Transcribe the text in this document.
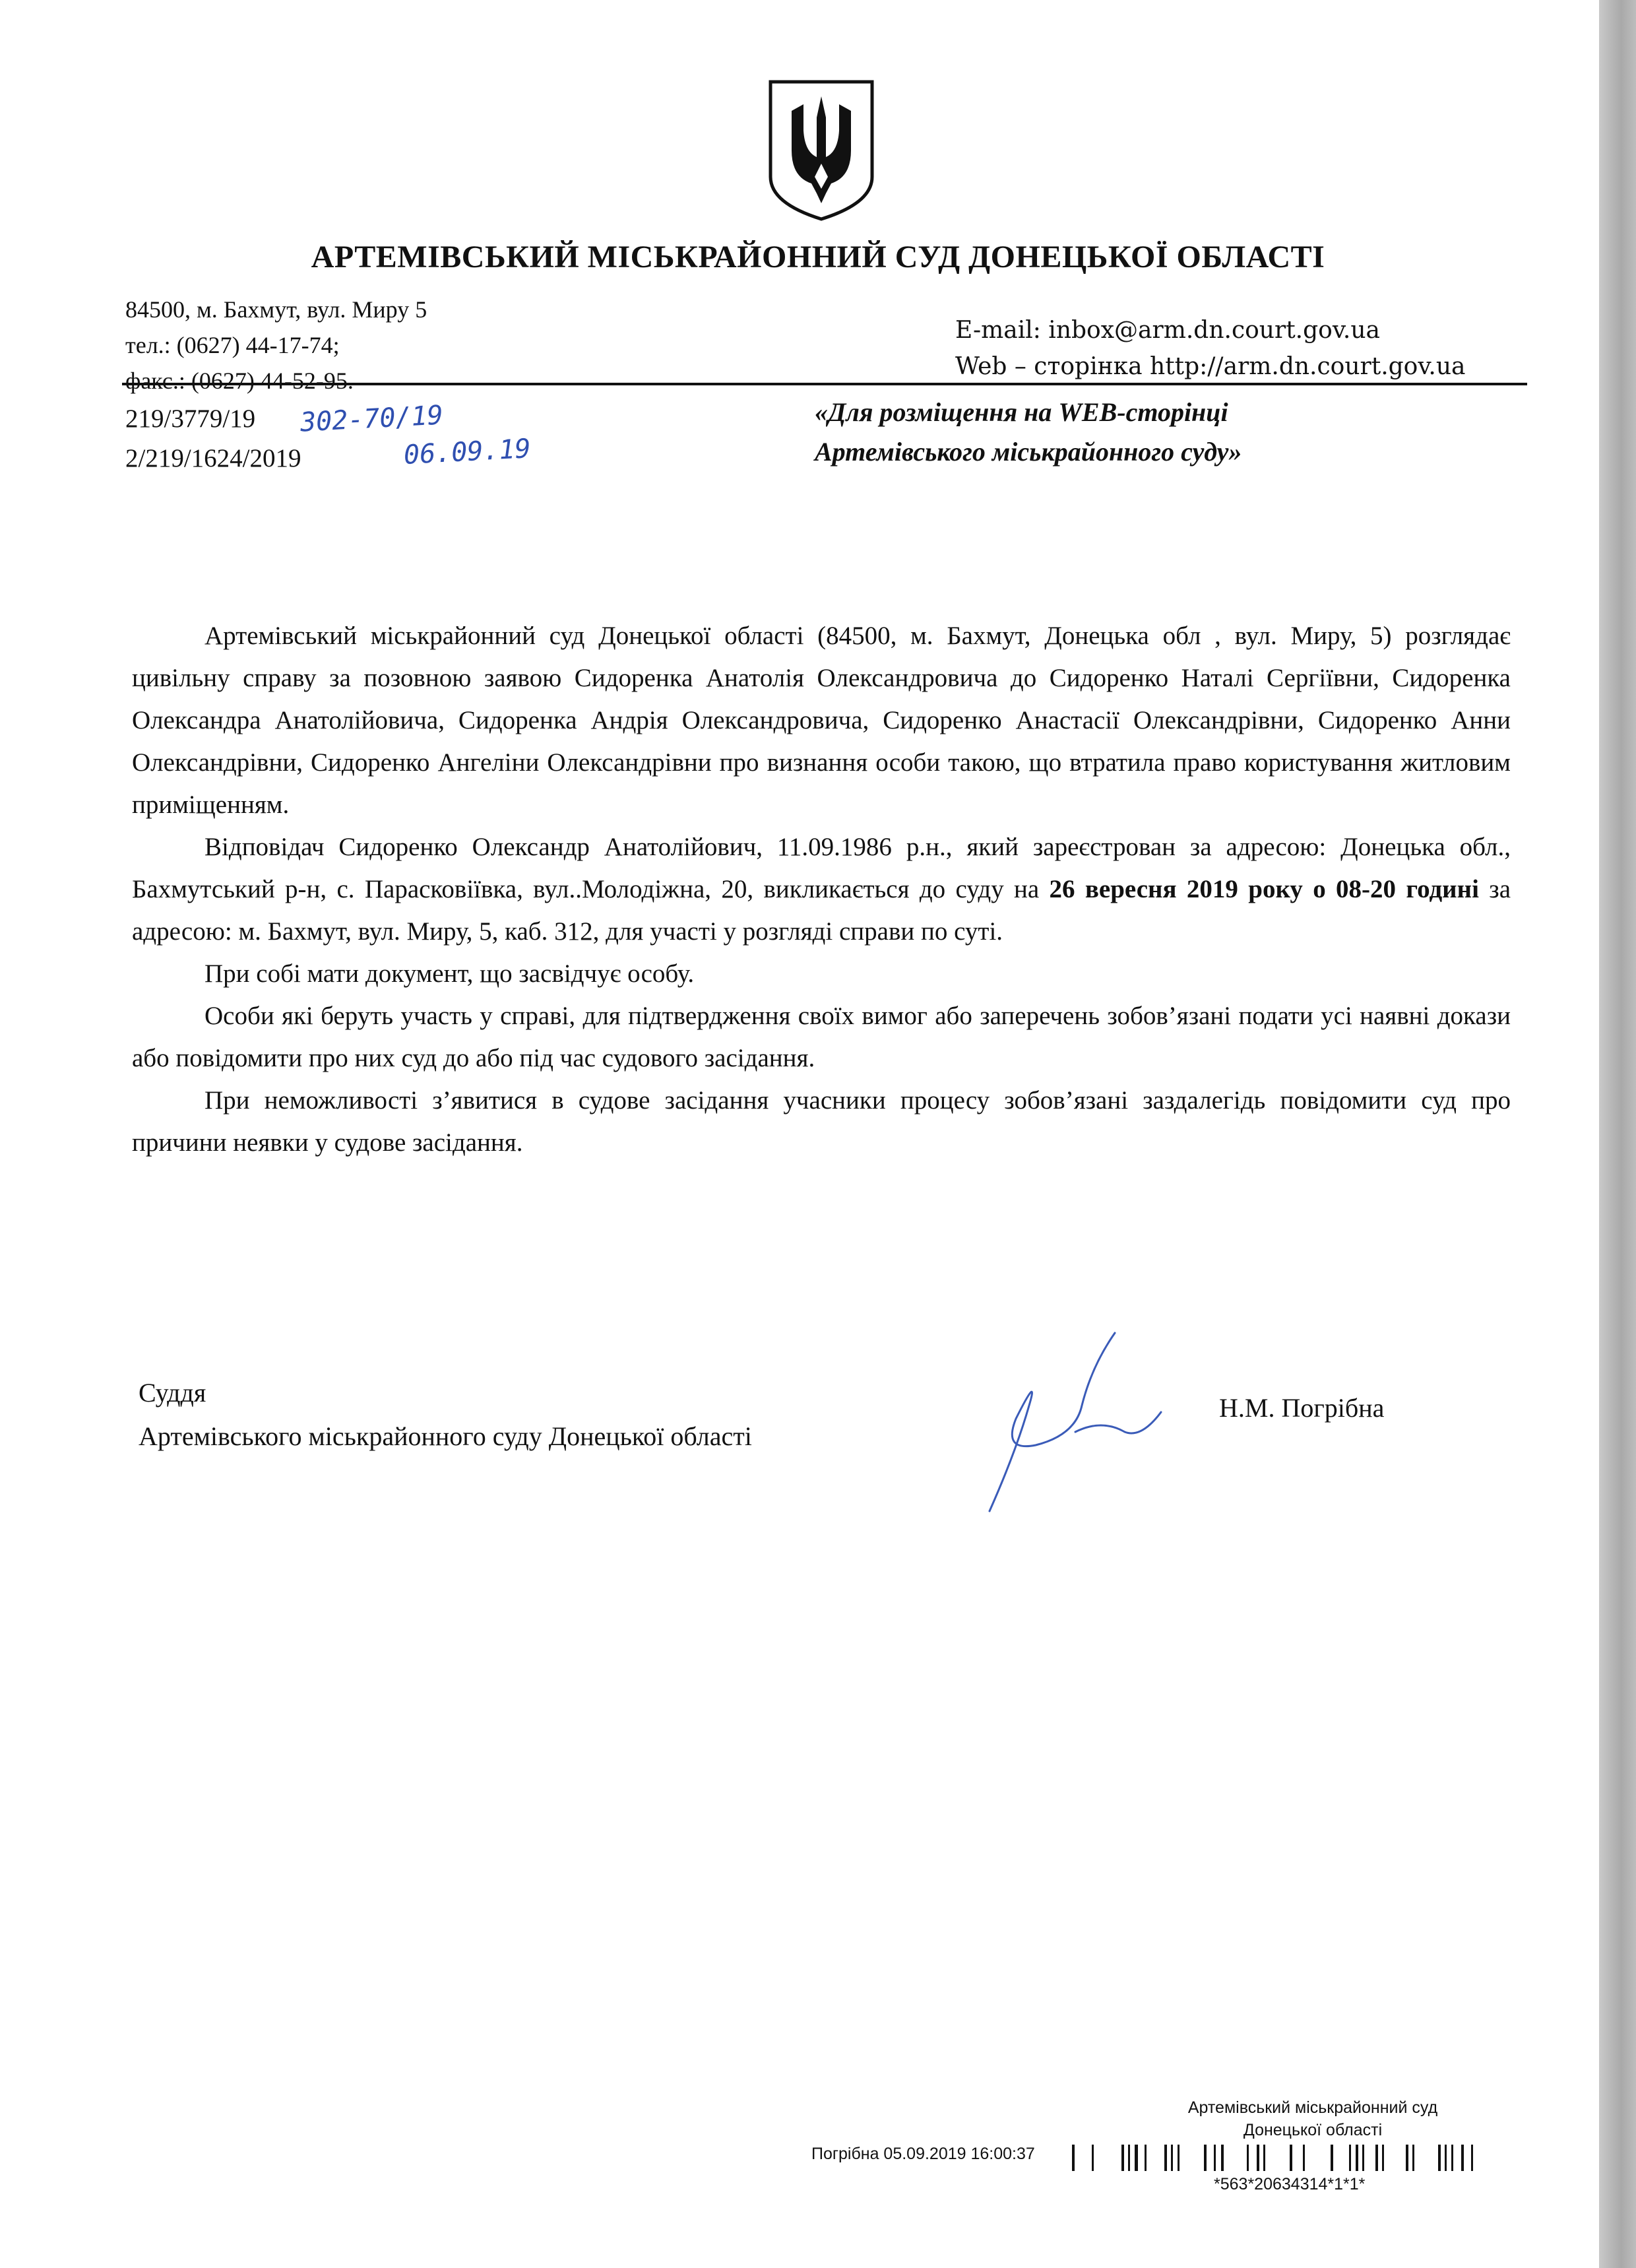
АРТЕМІВСЬКИЙ МІСЬКРАЙОННИЙ СУД ДОНЕЦЬКОЇ ОБЛАСТІ
84500, м. Бахмут, вул. Миру 5
тел.: (0627) 44-17-74;
факс.: (0627) 44-52-95.
E-mail: inbox@arm.dn.court.gov.ua
Web – сторінка http://arm.dn.court.gov.ua
219/3779/19
2/219/1624/2019
302-70/19
06.09.19
«Для розміщення на WEB-сторінці
Артемівського міськрайонного суду»

Артемівський міськрайонний суд Донецької області (84500, м. Бахмут, Донецька обл , вул. Миру, 5) розглядає цивільну справу за позовною заявою Сидоренка Анатолія Олександровича до Сидоренко Наталі Сергіївни, Сидоренка Олександра Анатолійовича, Сидоренка Андрія Олександровича, Сидоренко Анастасії Олександрівни, Сидоренко Анни Олександрівни, Сидоренко Ангеліни Олександрівни про визнання особи такою, що втратила право користування житловим приміщенням.

Відповідач Сидоренко Олександр Анатолійович, 11.09.1986 р.н., який зареєстрован за адресою: Донецька обл., Бахмутський р-н, с. Парасковіївка, вул..Молодіжна, 20, викликається до суду на 26 вересня 2019 року о 08-20 годині за адресою: м. Бахмут, вул. Миру, 5, каб. 312, для участі у розгляді справи по суті.

При собі мати документ, що засвідчує особу.

Особи які беруть участь у справі, для підтвердження своїх вимог або заперечень зобов’язані подати усі наявні докази або повідомити про них суд до або під час судового засідання.

При неможливості з’явитися в судове засідання учасники процесу зобов’язані заздалегідь повідомити суд про причини неявки у судове засідання.

Суддя
Артемівського міськрайонного суду Донецької області
Н.М. Погрібна
Артемівський міськрайонний суд
Донецької області
Погрібна 05.09.2019 16:00:37
*563*20634314*1*1*
